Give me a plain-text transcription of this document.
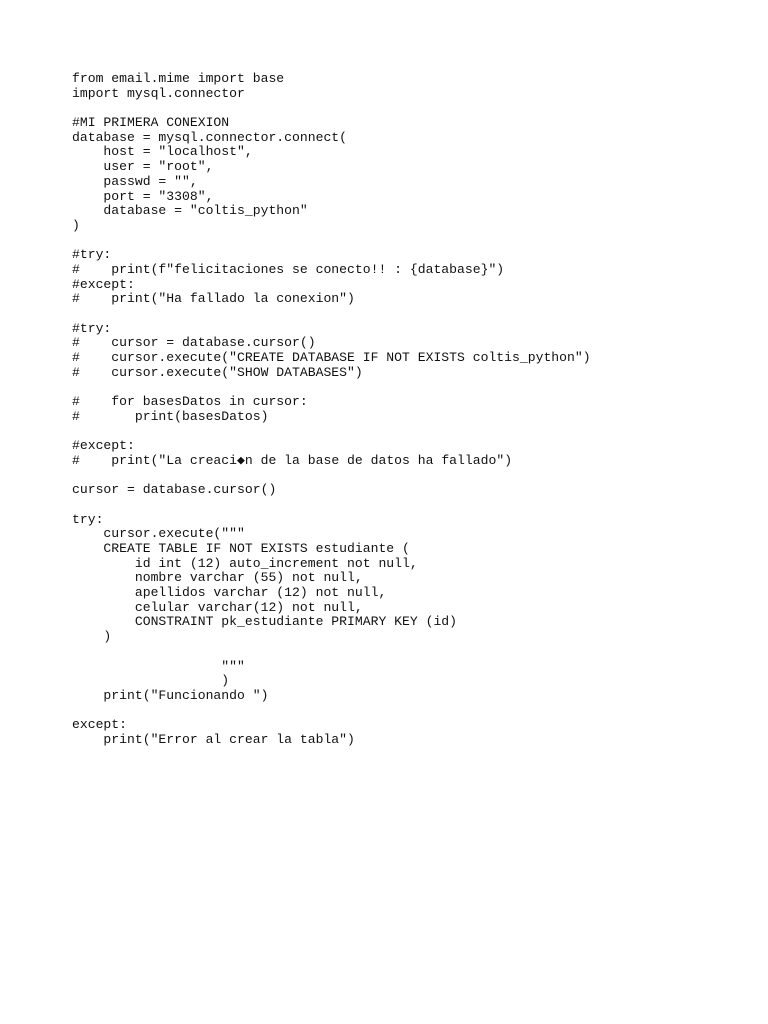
from email.mime import base
import mysql.connector
#MI PRIMERA CONEXION
database = mysql.connector.connect(
host = "localhost",
user = "root",
passwd = "",
port = "3308",
database = "coltis_python"
)
#try:
#    print(f"felicitaciones se conecto!! : {database}")
#except:
#    print("Ha fallado la conexion")
#try:
#    cursor = database.cursor()
#    cursor.execute("CREATE DATABASE IF NOT EXISTS coltis_python")
#    cursor.execute("SHOW DATABASES")
#    for basesDatos in cursor:
#       print(basesDatos)
#except:
#    print("La creaci◆n de la base de datos ha fallado")
cursor = database.cursor()
try:
cursor.execute("""
CREATE TABLE IF NOT EXISTS estudiante (
id int (12) auto_increment not null,
nombre varchar (55) not null,
apellidos varchar (12) not null,
celular varchar(12) not null,
CONSTRAINT pk_estudiante PRIMARY KEY (id)
)
"""
)
print("Funcionando ")
except:
print("Error al crear la tabla")
